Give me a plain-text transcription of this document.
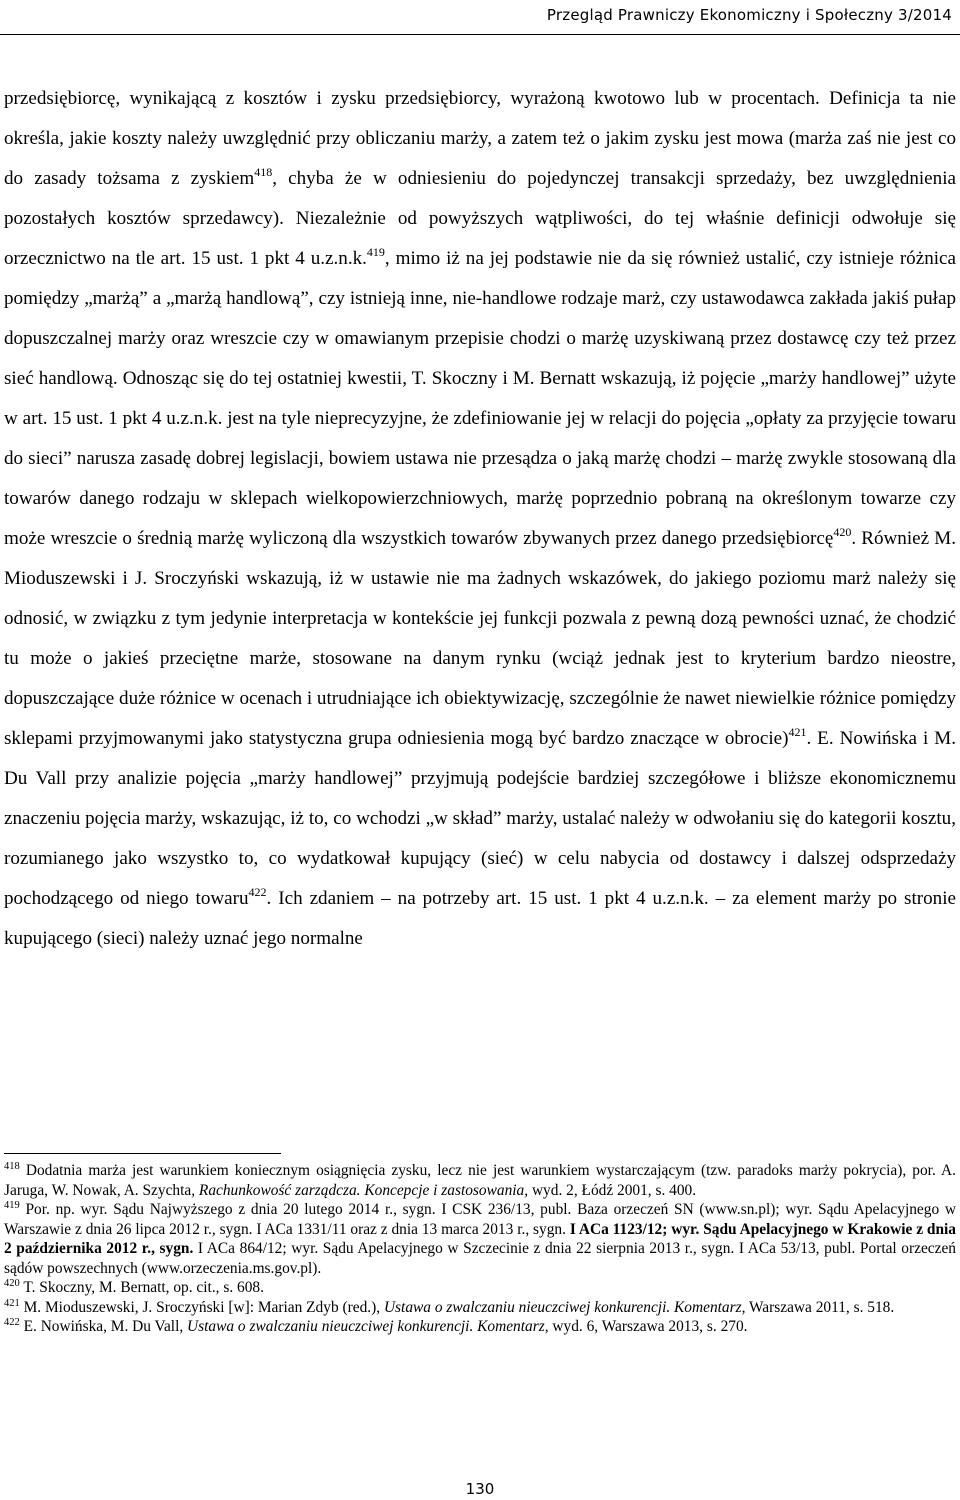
Przegląd Prawniczy Ekonomiczny i Społeczny 3/2014

przedsiębiorcę, wynikającą z kosztów i zysku przedsiębiorcy, wyrażoną kwotowo lub w procentach. Definicja ta nie określa, jakie koszty należy uwzględnić przy obliczaniu marży, a zatem też o jakim zysku jest mowa (marża zaś nie jest co do zasady tożsama z zyskiem$^{418}$, chyba że w odniesieniu do pojedynczej transakcji sprzedaży, bez uwzględnienia pozostałych kosztów sprzedawcy). Niezależnie od powyższych wątpliwości, do tej właśnie definicji odwołuje się orzecznictwo na tle art. 15 ust. 1 pkt 4 u.z.n.k.$^{419}$, mimo iż na jej podstawie nie da się również ustalić, czy istnieje różnica pomiędzy „marżą” a „marżą handlową”, czy istnieją inne, nie-handlowe rodzaje marż, czy ustawodawca zakłada jakiś pułap dopuszczalnej marży oraz wreszcie czy w omawianym przepisie chodzi o marżę uzyskiwaną przez dostawcę czy też przez sieć handlową. Odnosząc się do tej ostatniej kwestii, T. Skoczny i M. Bernatt wskazują, iż pojęcie „marży handlowej” użyte w art. 15 ust. 1 pkt 4 u.z.n.k. jest na tyle nieprecyzyjne, że zdefiniowanie jej w relacji do pojęcia „opłaty za przyjęcie towaru do sieci” narusza zasadę dobrej legislacji, bowiem ustawa nie przesądza o jaką marżę chodzi – marżę zwykle stosowaną dla towarów danego rodzaju w sklepach wielkopowierzchniowych, marżę poprzednio pobraną na określonym towarze czy może wreszcie o średnią marżę wyliczoną dla wszystkich towarów zbywanych przez danego przedsiębiorcę$^{420}$. Również M. Mioduszewski i J. Sroczyński wskazują, iż w ustawie nie ma żadnych wskazówek, do jakiego poziomu marż należy się odnosić, w związku z tym jedynie interpretacja w kontekście jej funkcji pozwala z pewną dozą pewności uznać, że chodzić tu może o jakieś przeciętne marże, stosowane na danym rynku (wciąż jednak jest to kryterium bardzo nieostre, dopuszczające duże różnice w ocenach i utrudniające ich obiektywizację, szczególnie że nawet niewielkie różnice pomiędzy sklepami przyjmowanymi jako statystyczna grupa odniesienia mogą być bardzo znaczące w obrocie)$^{421}$. E. Nowińska i M. Du Vall przy analizie pojęcia „marży handlowej” przyjmują podejście bardziej szczegółowe i bliższe ekonomicznemu znaczeniu pojęcia marży, wskazując, iż to, co wchodzi „w skład” marży, ustalać należy w odwołaniu się do kategorii kosztu, rozumianego jako wszystko to, co wydatkował kupujący (sieć) w celu nabycia od dostawcy i dalszej odsprzedaży pochodzącego od niego towaru$^{422}$. Ich zdaniem – na potrzeby art. 15 ust. 1 pkt 4 u.z.n.k. – za element marży po stronie kupującego (sieci) należy uznać jego normalne

$^{418}$ Dodatnia marża jest warunkiem koniecznym osiągnięcia zysku, lecz nie jest warunkiem wystarczającym (tzw. paradoks marży pokrycia), por. A. Jaruga, W. Nowak, A. Szychta, Rachunkowość zarządcza. Koncepcje i zastosowania, wyd. 2, Łódź 2001, s. 400.

$^{419}$ Por. np. wyr. Sądu Najwyższego z dnia 20 lutego 2014 r., sygn. I CSK 236/13, publ. Baza orzeczeń SN (www.sn.pl); wyr. Sądu Apelacyjnego w Warszawie z dnia 26 lipca 2012 r., sygn. I ACa 1331/11 oraz z dnia 13 marca 2013 r., sygn. I ACa 1123/12; wyr. Sądu Apelacyjnego w Krakowie z dnia 2 października 2012 r., sygn. I ACa 864/12; wyr. Sądu Apelacyjnego w Szczecinie z dnia 22 sierpnia 2013 r., sygn. I ACa 53/13, publ. Portal orzeczeń sądów powszechnych (www.orzeczenia.ms.gov.pl).

$^{420}$ T. Skoczny, M. Bernatt, op. cit., s. 608.

$^{421}$ M. Mioduszewski, J. Sroczyński [w]: Marian Zdyb (red.), Ustawa o zwalczaniu nieuczciwej konkurencji. Komentarz, Warszawa 2011, s. 518.

$^{422}$ E. Nowińska, M. Du Vall, Ustawa o zwalczaniu nieuczciwej konkurencji. Komentarz, wyd. 6, Warszawa 2013, s. 270.

130
